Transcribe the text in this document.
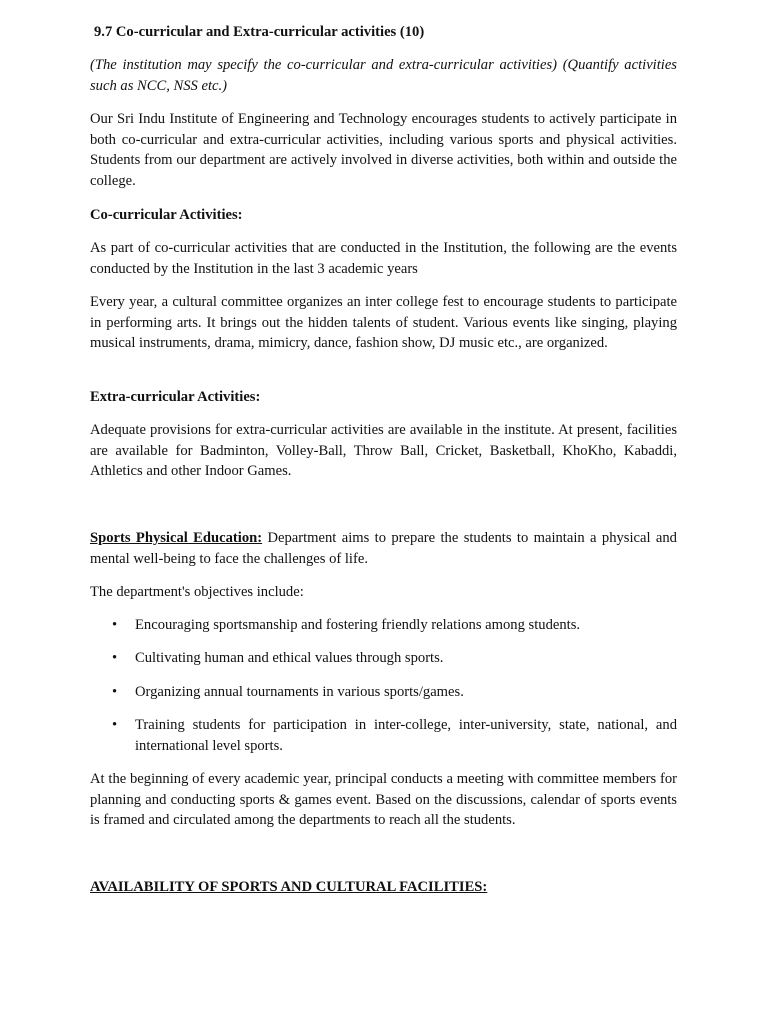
9.7 Co-curricular and Extra-curricular activities (10)

(The institution may specify the co-curricular and extra-curricular activities) (Quantify activities such as NCC, NSS etc.)

Our Sri Indu Institute of Engineering and Technology encourages students to actively participate in both co-curricular and extra-curricular activities, including various sports and physical activities. Students from our department are actively involved in diverse activities, both within and outside the college.

Co-curricular Activities:

As part of co-curricular activities that are conducted in the Institution, the following are the events conducted by the Institution in the last 3 academic years

Every year, a cultural committee organizes an inter college fest to encourage students to participate in performing arts. It brings out the hidden talents of student. Various events like singing, playing musical instruments, drama, mimicry, dance, fashion show, DJ music etc., are organized.

Extra-curricular Activities:

Adequate provisions for extra-curricular activities are available in the institute. At present, facilities are available for Badminton, Volley-Ball, Throw Ball, Cricket, Basketball, KhoKho, Kabaddi, Athletics and other Indoor Games.

Sports Physical Education: Department aims to prepare the students to maintain a physical and mental well-being to face the challenges of life.

The department's objectives include:

• Encouraging sportsmanship and fostering friendly relations among students.
• Cultivating human and ethical values through sports.
• Organizing annual tournaments in various sports/games.
• Training students for participation in inter-college, inter-university, state, national, and international level sports.

At the beginning of every academic year, principal conducts a meeting with committee members for planning and conducting sports & games event. Based on the discussions, calendar of sports events is framed and circulated among the departments to reach all the students.

AVAILABILITY OF SPORTS AND CULTURAL FACILITIES:
